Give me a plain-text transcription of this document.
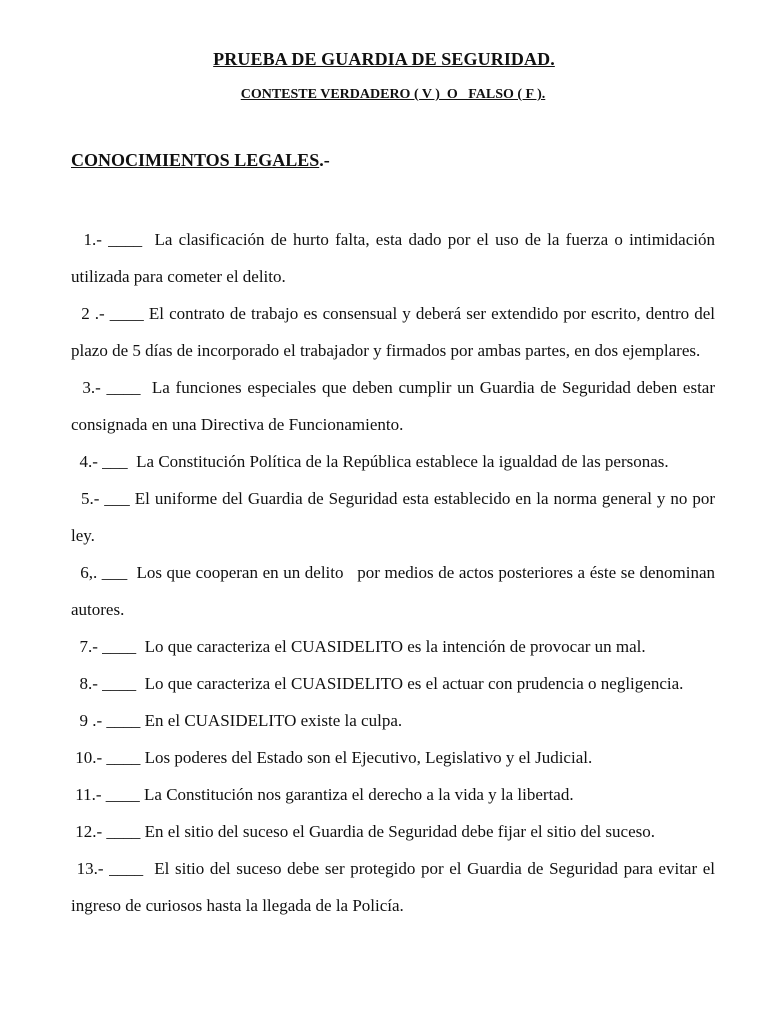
PRUEBA DE GUARDIA DE SEGURIDAD.
CONTESTE VERDADERO ( V )  O   FALSO ( F ).
CONOCIMIENTOS LEGALES.-

1.- ____  La clasificación de hurto falta, esta dado por el uso de la fuerza o intimidación utilizada para cometer el delito.

2 .- ____ El contrato de trabajo es consensual y deberá ser extendido por escrito, dentro del plazo de 5 días de incorporado el trabajador y firmados por ambas partes, en dos ejemplares.

3.- ____  La funciones especiales que deben cumplir un Guardia de Seguridad deben estar consignada en una Directiva de Funcionamiento.

4.- ___  La Constitución Política de la República establece la igualdad de las personas.

5.- ___ El uniforme del Guardia de Seguridad esta establecido en la norma general y no por ley.

6,. ___  Los que cooperan en un delito   por medios de actos posteriores a éste se denominan autores.

7.- ____  Lo que caracteriza el CUASIDELITO es la intención de provocar un mal.

8.- ____  Lo que caracteriza el CUASIDELITO es el actuar con prudencia o negligencia.

9 .- ____ En el CUASIDELITO existe la culpa.

10.- ____ Los poderes del Estado son el Ejecutivo, Legislativo y el Judicial.

11.- ____ La Constitución nos garantiza el derecho a la vida y la libertad.

12.- ____ En el sitio del suceso el Guardia de Seguridad debe fijar el sitio del suceso.

13.- ____  El sitio del suceso debe ser protegido por el Guardia de Seguridad para evitar el ingreso de curiosos hasta la llegada de la Policía.
